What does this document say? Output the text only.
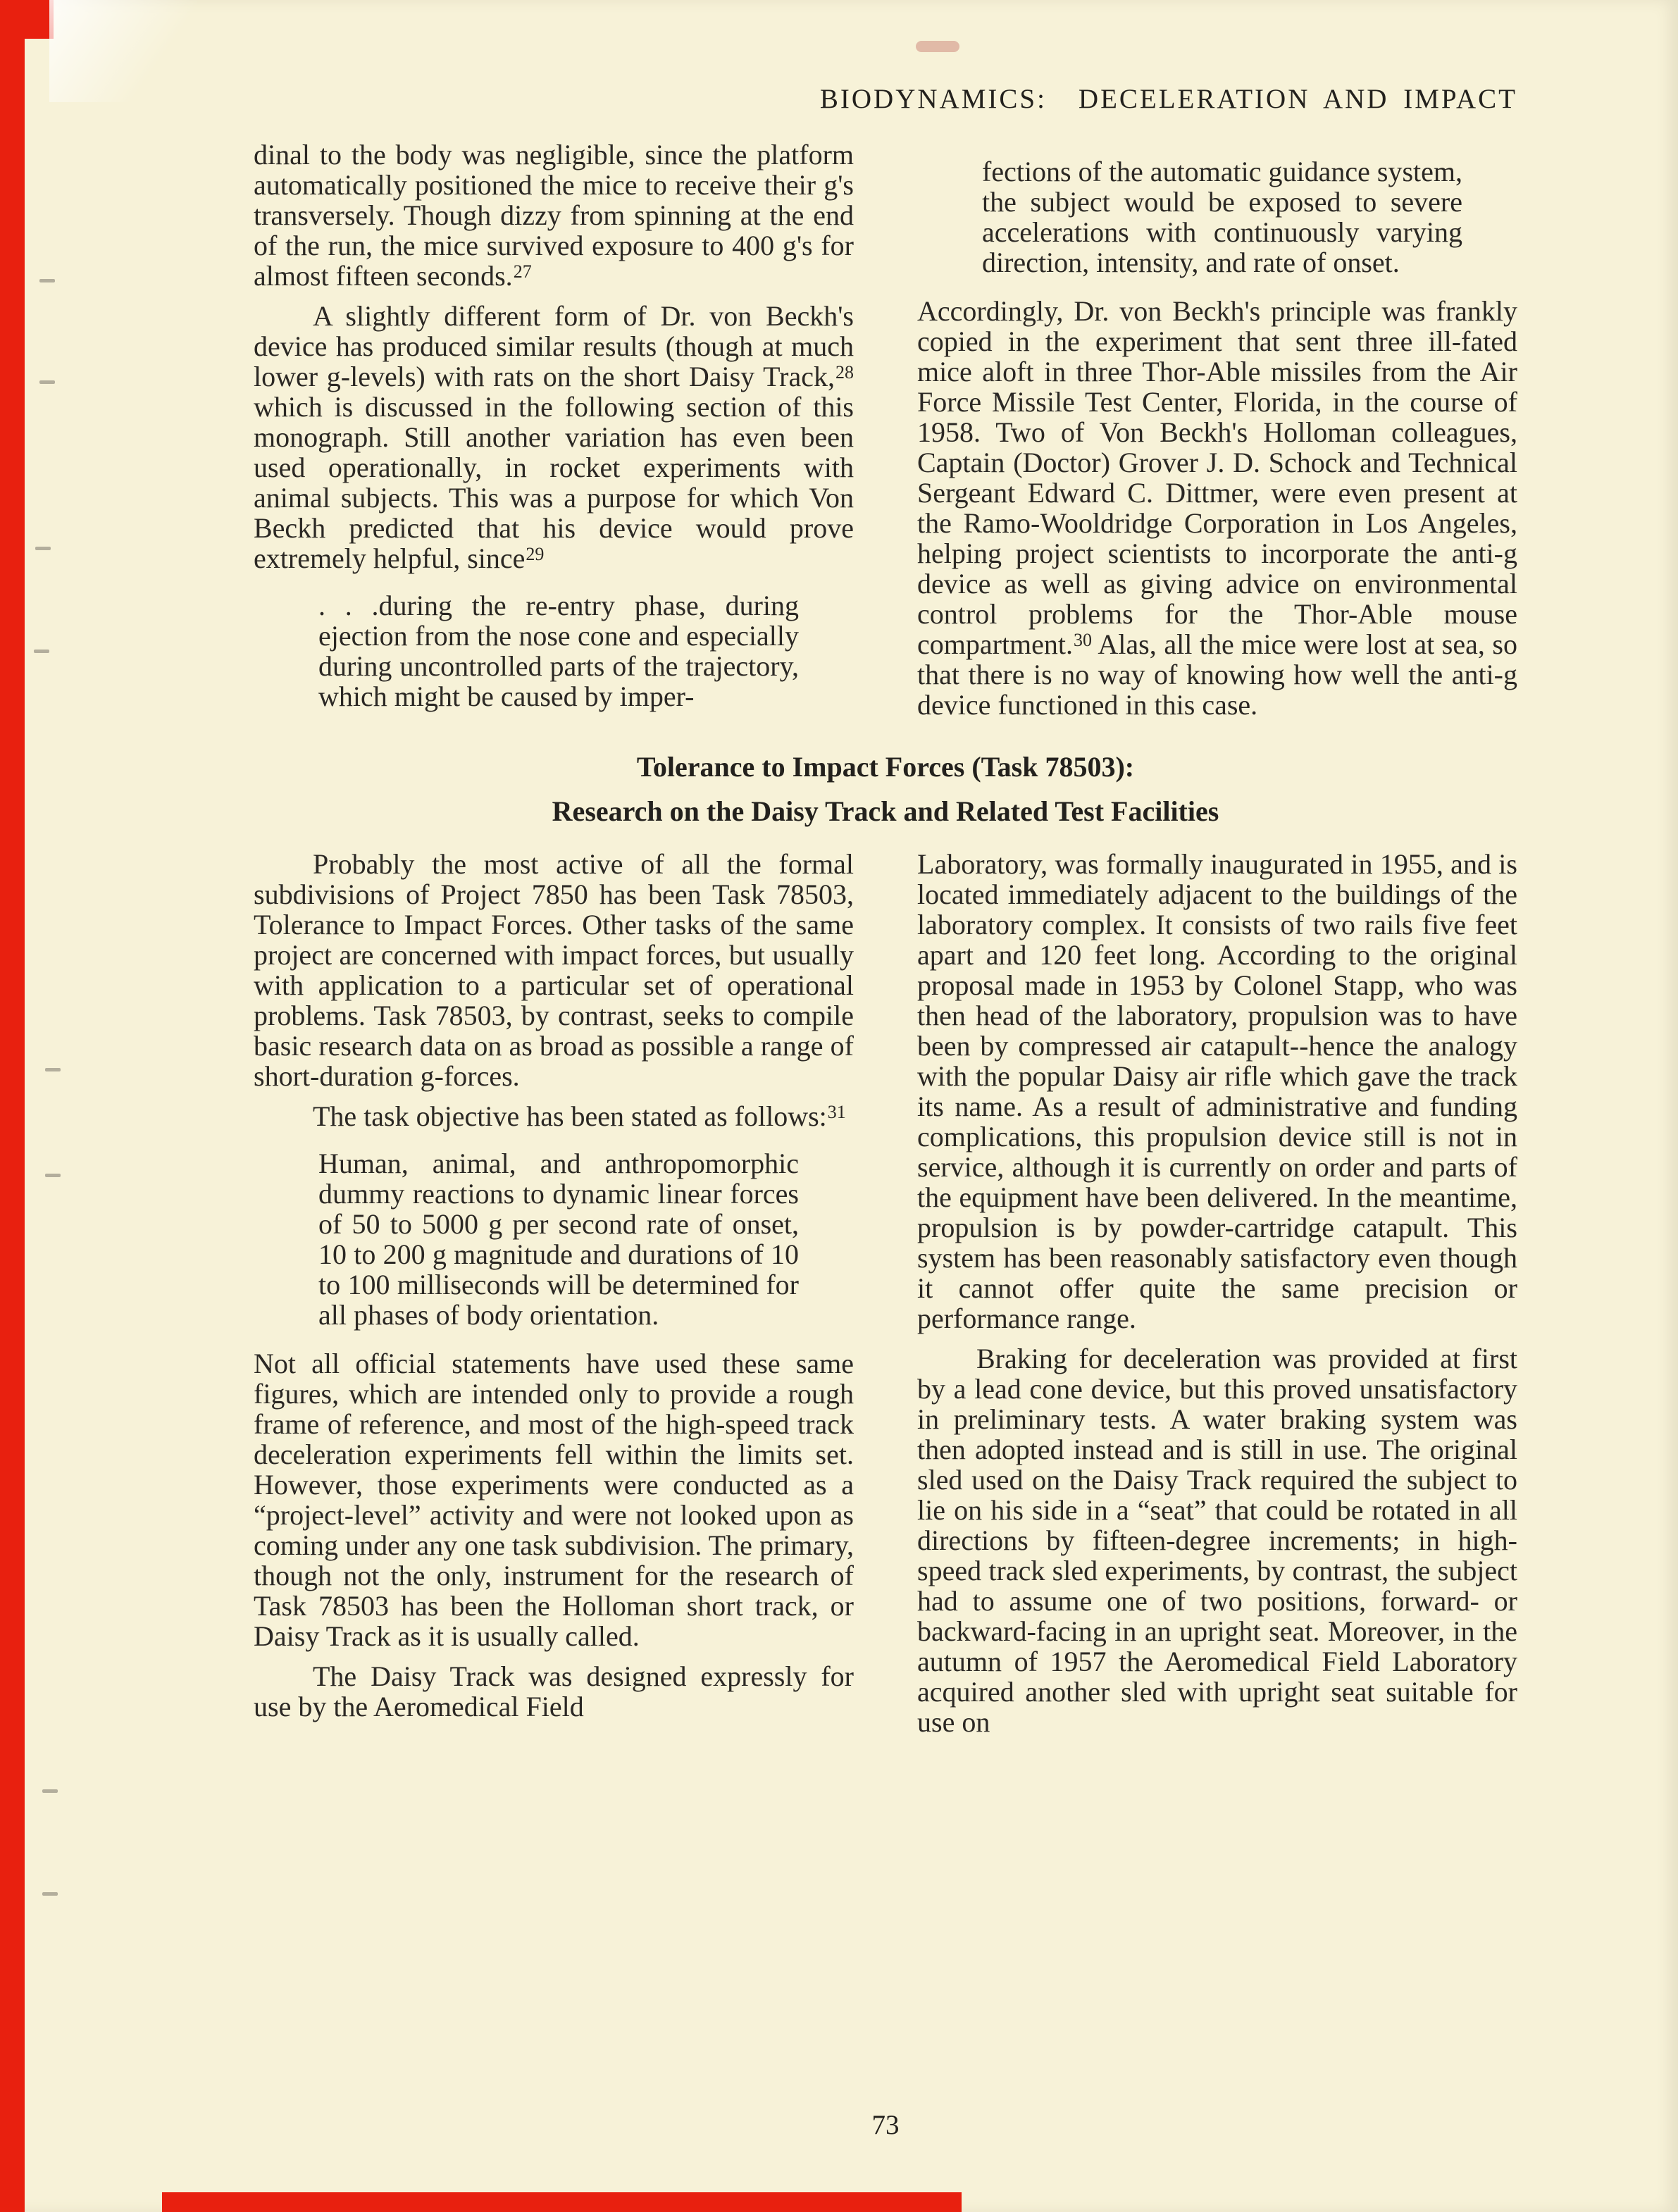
BIODYNAMICS:  DECELERATION AND IMPACT

dinal to the body was negligible, since the platform automatically positioned the mice to receive their g's transversely. Though dizzy from spinning at the end of the run, the mice survived exposure to 400 g's for almost fifteen seconds.$^{27}$

A slightly different form of Dr. von Beckh's device has produced similar results (though at much lower g-levels) with rats on the short Daisy Track,$^{28}$ which is discussed in the following section of this monograph. Still another variation has even been used operationally, in rocket experiments with animal subjects. This was a purpose for which Von Beckh predicted that his device would prove extremely helpful, since$^{29}$

. . .during the re-entry phase, during ejection from the nose cone and especially during uncontrolled parts of the trajectory, which might be caused by imper-

fections of the automatic guidance system, the subject would be exposed to severe accelerations with continuously varying direction, intensity, and rate of onset.

Accordingly, Dr. von Beckh's principle was frankly copied in the experiment that sent three ill-fated mice aloft in three Thor-Able missiles from the Air Force Missile Test Center, Florida, in the course of 1958. Two of Von Beckh's Holloman colleagues, Captain (Doctor) Grover J. D. Schock and Technical Sergeant Edward C. Dittmer, were even present at the Ramo-Wooldridge Corporation in Los Angeles, helping project scientists to incorporate the anti-g device as well as giving advice on environmental control problems for the Thor-Able mouse compartment.$^{30}$ Alas, all the mice were lost at sea, so that there is no way of knowing how well the anti-g device functioned in this case.

Tolerance to Impact Forces (Task 78503):
Research on the Daisy Track and Related Test Facilities

Probably the most active of all the formal subdivisions of Project 7850 has been Task 78503, Tolerance to Impact Forces. Other tasks of the same project are concerned with impact forces, but usually with application to a particular set of operational problems. Task 78503, by contrast, seeks to compile basic research data on as broad as possible a range of short-duration g-forces.

The task objective has been stated as follows:$^{31}$

Human, animal, and anthropomorphic dummy reactions to dynamic linear forces of 50 to 5000 g per second rate of onset, 10 to 200 g magnitude and durations of 10 to 100 milliseconds will be determined for all phases of body orientation.

Not all official statements have used these same figures, which are intended only to provide a rough frame of reference, and most of the high-speed track deceleration experiments fell within the limits set. However, those experiments were conducted as a “project-level” activity and were not looked upon as coming under any one task subdivision. The primary, though not the only, instrument for the research of Task 78503 has been the Holloman short track, or Daisy Track as it is usually called.

The Daisy Track was designed expressly for use by the Aeromedical Field

Laboratory, was formally inaugurated in 1955, and is located immediately adjacent to the buildings of the laboratory complex. It consists of two rails five feet apart and 120 feet long. According to the original proposal made in 1953 by Colonel Stapp, who was then head of the laboratory, propulsion was to have been by compressed air catapult--hence the analogy with the popular Daisy air rifle which gave the track its name. As a result of administrative and funding complications, this propulsion device still is not in service, although it is currently on order and parts of the equipment have been delivered. In the meantime, propulsion is by powder-cartridge catapult. This system has been reasonably satisfactory even though it cannot offer quite the same precision or performance range.

Braking for deceleration was provided at first by a lead cone device, but this proved unsatisfactory in preliminary tests. A water braking system was then adopted instead and is still in use. The original sled used on the Daisy Track required the subject to lie on his side in a “seat” that could be rotated in all directions by fifteen-degree increments; in high-speed track sled experiments, by contrast, the subject had to assume one of two positions, forward- or backward-facing in an upright seat. Moreover, in the autumn of 1957 the Aeromedical Field Laboratory acquired another sled with upright seat suitable for use on

73
